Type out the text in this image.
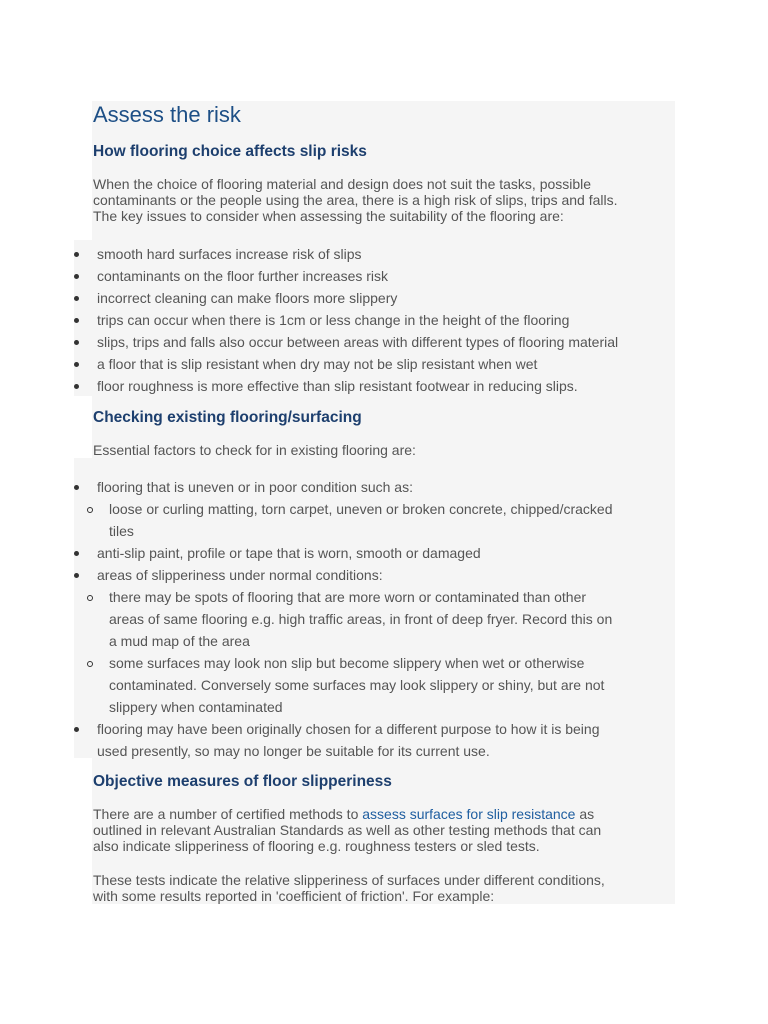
Assess the risk
How flooring choice affects slip risks
When the choice of flooring material and design does not suit the tasks, possible
contaminants or the people using the area, there is a high risk of slips, trips and falls.
The key issues to consider when assessing the suitability of the flooring are:
smooth hard surfaces increase risk of slips
contaminants on the floor further increases risk
incorrect cleaning can make floors more slippery
trips can occur when there is 1cm or less change in the height of the flooring
slips, trips and falls also occur between areas with different types of flooring material
a floor that is slip resistant when dry may not be slip resistant when wet
floor roughness is more effective than slip resistant footwear in reducing slips.
Checking existing flooring/surfacing
Essential factors to check for in existing flooring are:
flooring that is uneven or in poor condition such as:
loose or curling matting, torn carpet, uneven or broken concrete, chipped/cracked
tiles
anti-slip paint, profile or tape that is worn, smooth or damaged
areas of slipperiness under normal conditions:
there may be spots of flooring that are more worn or contaminated than other
areas of same flooring e.g. high traffic areas, in front of deep fryer. Record this on
a mud map of the area
some surfaces may look non slip but become slippery when wet or otherwise
contaminated. Conversely some surfaces may look slippery or shiny, but are not
slippery when contaminated
flooring may have been originally chosen for a different purpose to how it is being
used presently, so may no longer be suitable for its current use.
Objective measures of floor slipperiness
There are a number of certified methods to assess surfaces for slip resistance as
outlined in relevant Australian Standards as well as other testing methods that can
also indicate slipperiness of flooring e.g. roughness testers or sled tests.
These tests indicate the relative slipperiness of surfaces under different conditions,
with some results reported in 'coefficient of friction'. For example:
